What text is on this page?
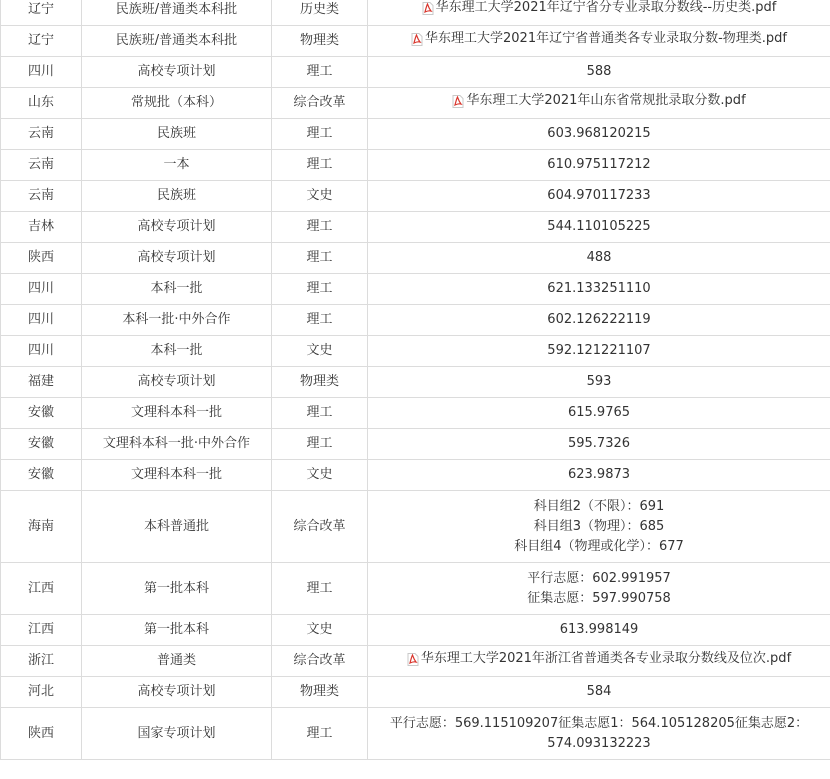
辽宁	民族班/普通类本科批	历史类	华东理工大学2021年辽宁省分专业录取分数线--历史类.pdf

辽宁	民族班/普通类本科批	物理类	华东理工大学2021年辽宁省普通类各专业录取分数-物理类.pdf

四川	高校专项计划	理工	588

山东	常规批（本科）	综合改革	华东理工大学2021年山东省常规批录取分数.pdf

云南	民族班	理工	603.968120215

云南	一本	理工	610.975117212

云南	民族班	文史	604.970117233

吉林	高校专项计划	理工	544.110105225

陕西	高校专项计划	理工	488

四川	本科一批	理工	621.133251110

四川	本科一批·中外合作	理工	602.126222119

四川	本科一批	文史	592.121221107

福建	高校专项计划	物理类	593

安徽	文理科本科一批	理工	615.9765

安徽	文理科本科一批·中外合作	理工	595.7326

安徽	文理科本科一批	文史	623.9873

海南	本科普通批	综合改革	科目组2（不限）：691
科目组3（物理）：685
科目组4（物理或化学）：677

江西	第一批本科	理工	平行志愿：602.991957
征集志愿：597.990758

江西	第一批本科	文史	613.998149

浙江	普通类	综合改革	华东理工大学2021年浙江省普通类各专业录取分数线及位次.pdf

河北	高校专项计划	物理类	584

陕西	国家专项计划	理工	平行志愿：569.115109207征集志愿1：564.105128205征集志愿2：
574.093132223
